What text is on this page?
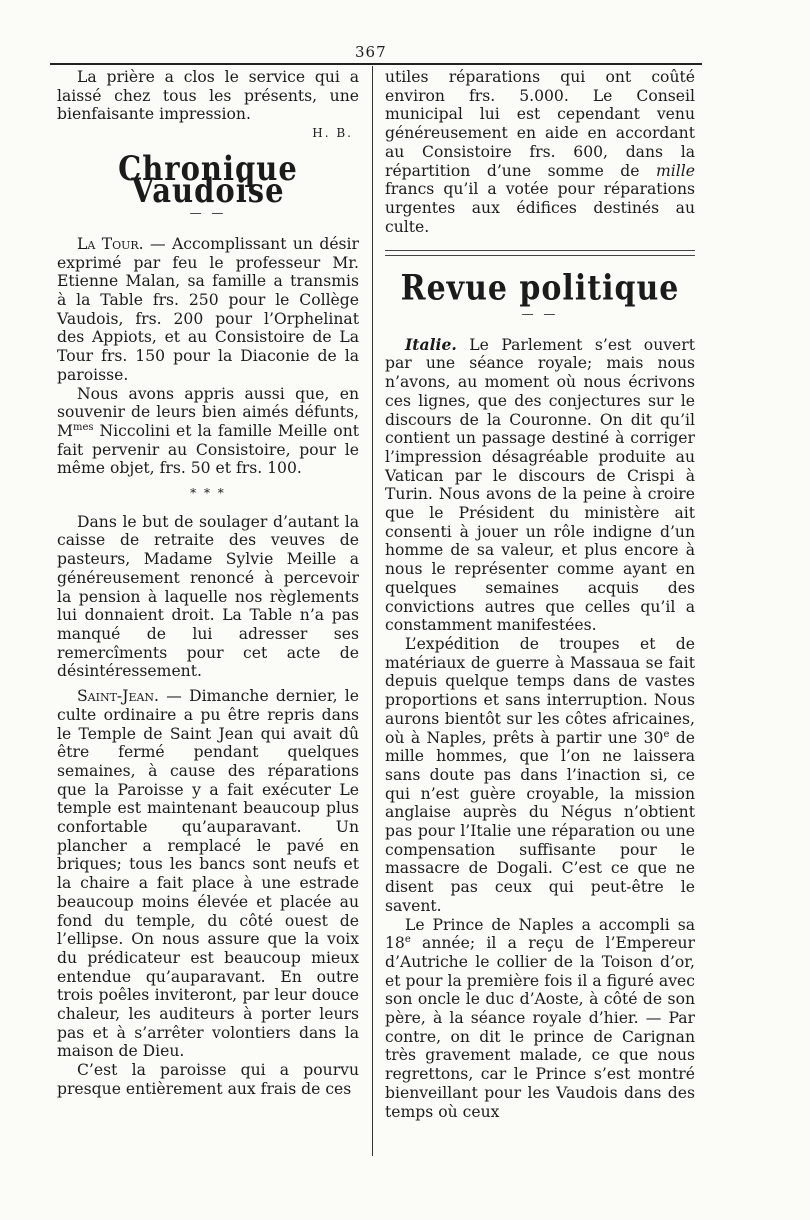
367

La prière a clos le service qui a laissé chez tous les présents, une bienfaisante impression.

H. B.
Chronique Vaudoise
— —

La Tour. — Accomplissant un désir exprimé par feu le professeur Mr. Etienne Malan, sa famille a transmis à la Table frs. 250 pour le Collège Vaudois, frs. 200 pour l’Orphelinat des Appiots, et au Consistoire de La Tour frs. 150 pour la Diaconie de la paroisse.

Nous avons appris aussi que, en souvenir de leurs bien aimés défunts, $M^{mes}$ Niccolini et la famille Meille ont fait pervenir au Consistoire, pour le même objet, frs. 50 et frs. 100.

* * *

Dans le but de soulager d’autant la caisse de retraite des veuves de pasteurs, Madame Sylvie Meille a généreusement renoncé à percevoir la pension à laquelle nos règlements lui donnaient droit. La Table n’a pas manqué de lui adresser ses remercîments pour cet acte de désintéressement.

Saint-Jean. — Dimanche dernier, le culte ordinaire a pu être repris dans le Temple de Saint Jean qui avait dû être fermé pendant quelques semaines, à cause des réparations que la Paroisse y a fait exécuter Le temple est maintenant beaucoup plus confortable qu’auparavant. Un plancher a remplacé le pavé en briques; tous les bancs sont neufs et la chaire a fait place à une estrade beaucoup moins élevée et placée au fond du temple, du côté ouest de l’ellipse. On nous assure que la voix du prédicateur est beaucoup mieux entendue qu’auparavant. En outre trois poêles inviteront, par leur douce chaleur, les auditeurs à porter leurs pas et à s’arrêter volontiers dans la maison de Dieu.

C’est la paroisse qui a pourvu presque entièrement aux frais de ces

utiles réparations qui ont coûté environ frs. 5.000. Le Conseil municipal lui est cependant venu généreusement en aide en accordant au Consistoire frs. 600, dans la répartition d’une somme de mille francs qu’il a votée pour réparations urgentes aux édifices destinés au culte.

Revue politique
— —

Italie. Le Parlement s’est ouvert par une séance royale; mais nous n’avons, au moment où nous écrivons ces lignes, que des conjectures sur le discours de la Couronne. On dit qu’il contient un passage destiné à corriger l’impression désagréable produite au Vatican par le discours de Crispi à Turin. Nous avons de la peine à croire que le Président du ministère ait consenti à jouer un rôle indigne d’un homme de sa valeur, et plus encore à nous le représenter comme ayant en quelques semaines acquis des convictions autres que celles qu’il a constamment manifestées.

L’expédition de troupes et de matériaux de guerre à Massaua se fait depuis quelque temps dans de vastes proportions et sans interruption. Nous aurons bientôt sur les côtes africaines, où à Naples, prêts à partir une 30e de mille hommes, que l’on ne laissera sans doute pas dans l’inaction si, ce qui n’est guère croyable, la mission anglaise auprès du Négus n’obtient pas pour l’Italie une réparation ou une compensation suffisante pour le massacre de Dogali. C’est ce que ne disent pas ceux qui peut-être le savent.

Le Prince de Naples a accompli sa 18e année; il a reçu de l’Empereur d’Autriche le collier de la Toison d’or, et pour la première fois il a figuré avec son oncle le duc d’Aoste, à côté de son père, à la séance royale d’hier. — Par contre, on dit le prince de Carignan très gravement malade, ce que nous regrettons, car le Prince s’est montré bienveillant pour les Vaudois dans des temps où ceux
